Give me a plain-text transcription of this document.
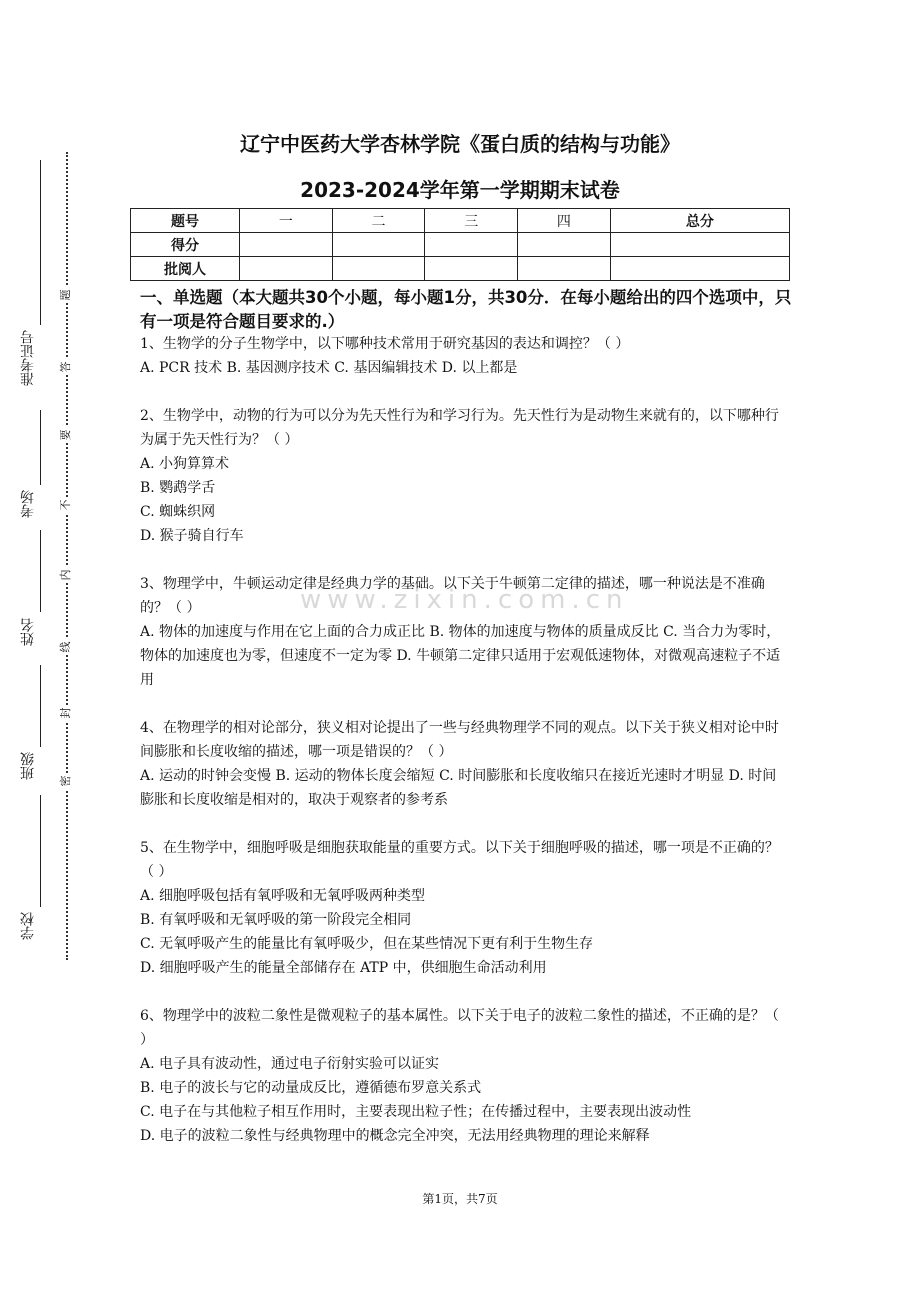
准考证号
考场
姓名
班级
学校
题
答
要
不
内
线
封
密
辽宁中医药大学杏林学院《蛋白质的结构与功能》
2023-2024学年第一学期期末试卷
题号	一	二	三	四	总分
得分					
批阅人					
www.zixin.com.cn
一、单选题（本大题共30个小题，每小题1分，共30分．在每小题给出的四个选项中，只有一项是符合题目要求的.）

1、生物学的分子生物学中，以下哪种技术常用于研究基因的表达和调控？（ ）

A. PCR 技术 B. 基因测序技术 C. 基因编辑技术 D. 以上都是

2、生物学中，动物的行为可以分为先天性行为和学习行为。先天性行为是动物生来就有的，以下哪种行为属于先天性行为？（ ）

A. 小狗算算术

B. 鹦鹉学舌

C. 蜘蛛织网

D. 猴子骑自行车

3、物理学中，牛顿运动定律是经典力学的基础。以下关于牛顿第二定律的描述，哪一种说法是不准确的？（ ）

A. 物体的加速度与作用在它上面的合力成正比 B. 物体的加速度与物体的质量成反比 C. 当合力为零时，物体的加速度也为零，但速度不一定为零 D. 牛顿第二定律只适用于宏观低速物体，对微观高速粒子不适用

4、在物理学的相对论部分，狭义相对论提出了一些与经典物理学不同的观点。以下关于狭义相对论中时间膨胀和长度收缩的描述，哪一项是错误的？（ ）

A. 运动的时钟会变慢 B. 运动的物体长度会缩短 C. 时间膨胀和长度收缩只在接近光速时才明显 D. 时间膨胀和长度收缩是相对的，取决于观察者的参考系

5、在生物学中，细胞呼吸是细胞获取能量的重要方式。以下关于细胞呼吸的描述，哪一项是不正确的？（ ）

A. 细胞呼吸包括有氧呼吸和无氧呼吸两种类型

B. 有氧呼吸和无氧呼吸的第一阶段完全相同

C. 无氧呼吸产生的能量比有氧呼吸少，但在某些情况下更有利于生物生存

D. 细胞呼吸产生的能量全部储存在 ATP 中，供细胞生命活动利用

6、物理学中的波粒二象性是微观粒子的基本属性。以下关于电子的波粒二象性的描述，不正确的是？（ ）

A. 电子具有波动性，通过电子衍射实验可以证实

B. 电子的波长与它的动量成反比，遵循德布罗意关系式

C. 电子在与其他粒子相互作用时，主要表现出粒子性；在传播过程中，主要表现出波动性

D. 电子的波粒二象性与经典物理中的概念完全冲突，无法用经典物理的理论来解释

第1页，共7页
